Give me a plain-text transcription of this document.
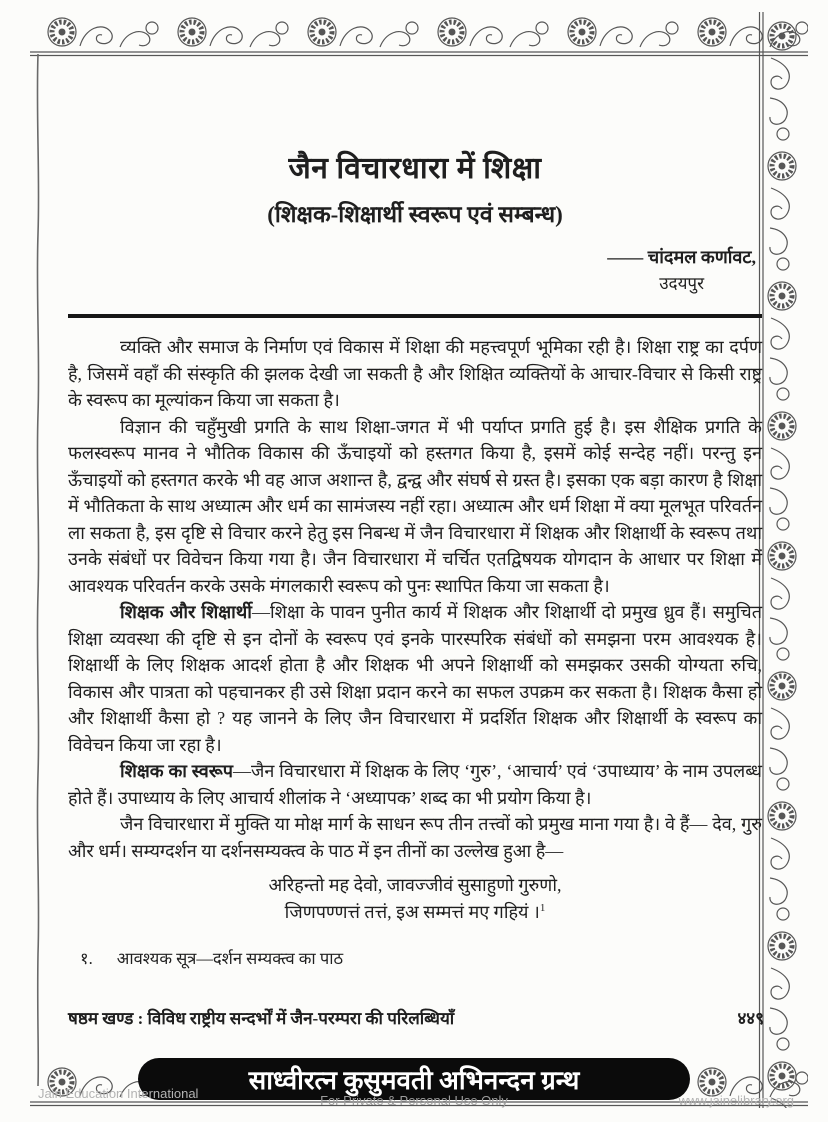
जैन विचारधारा में शिक्षा
(शिक्षक-शिक्षार्थी स्वरूप एवं सम्बन्ध)
—— चांदमल कर्णावट,
उदयपुर

व्यक्ति और समाज के निर्माण एवं विकास में शिक्षा की महत्त्वपूर्ण भूमिका रही है। शिक्षा राष्ट्र का दर्पण है, जिसमें वहाँ की संस्कृति की झलक देखी जा सकती है और शिक्षित व्यक्तियों के आचार-विचार से किसी राष्ट्र के स्वरूप का मूल्यांकन किया जा सकता है।

विज्ञान की चहुँमुखी प्रगति के साथ शिक्षा-जगत में भी पर्याप्त प्रगति हुई है। इस शैक्षिक प्रगति के फलस्वरूप मानव ने भौतिक विकास की ऊँचाइयों को हस्तगत किया है, इसमें कोई सन्देह नहीं। परन्तु इन ऊँचाइयों को हस्तगत करके भी वह आज अशान्त है, द्वन्द्व और संघर्ष से ग्रस्त है। इसका एक बड़ा कारण है शिक्षा में भौतिकता के साथ अध्यात्म और धर्म का सामंजस्य नहीं रहा। अध्यात्म और धर्म शिक्षा में क्या मूलभूत परिवर्तन ला सकता है, इस दृष्टि से विचार करने हेतु इस निबन्ध में जैन विचारधारा में शिक्षक और शिक्षार्थी के स्वरूप तथा उनके संबंधों पर विवेचन किया गया है। जैन विचारधारा में चर्चित एतद्विषयक योगदान के आधार पर शिक्षा में आवश्यक परिवर्तन करके उसके मंगलकारी स्वरूप को पुनः स्थापित किया जा सकता है।

शिक्षक और शिक्षार्थी—शिक्षा के पावन पुनीत कार्य में शिक्षक और शिक्षार्थी दो प्रमुख ध्रुव हैं। समुचित शिक्षा व्यवस्था की दृष्टि से इन दोनों के स्वरूप एवं इनके पारस्परिक संबंधों को समझना परम आवश्यक है। शिक्षार्थी के लिए शिक्षक आदर्श होता है और शिक्षक भी अपने शिक्षार्थी को समझकर उसकी योग्यता रुचि, विकास और पात्रता को पहचानकर ही उसे शिक्षा प्रदान करने का सफल उपक्रम कर सकता है। शिक्षक कैसा हो और शिक्षार्थी कैसा हो ? यह जानने के लिए जैन विचारधारा में प्रदर्शित शिक्षक और शिक्षार्थी के स्वरूप का विवेचन किया जा रहा है।

शिक्षक का स्वरूप—जैन विचारधारा में शिक्षक के लिए ‘गुरु’, ‘आचार्य’ एवं ‘उपाध्याय’ के नाम उपलब्ध होते हैं। उपाध्याय के लिए आचार्य शीलांक ने ‘अध्यापक’ शब्द का भी प्रयोग किया है।

जैन विचारधारा में मुक्ति या मोक्ष मार्ग के साधन रूप तीन तत्त्वों को प्रमुख माना गया है। वे हैं— देव, गुरु और धर्म। सम्यग्दर्शन या दर्शनसम्यक्त्व के पाठ में इन तीनों का उल्लेख हुआ है—

अरिहन्तो मह देवो, जावज्जीवं सुसाहुणो गुरुणो,
जिणपण्णत्तं तत्तं, इअ सम्मत्तं मए गहियं ।$^1$
१. आवश्यक सूत्र—दर्शन सम्यक्त्व का पाठ
षष्ठम खण्ड : विविध राष्ट्रीय सन्दर्भों में जैन-परम्परा की परिलब्धियाँ	४४९
साध्वीरत्न कुसुमवती अभिनन्दन ग्रन्थ
Jain Education International	For Private & Personal Use Only	www.jainelibrary.org
